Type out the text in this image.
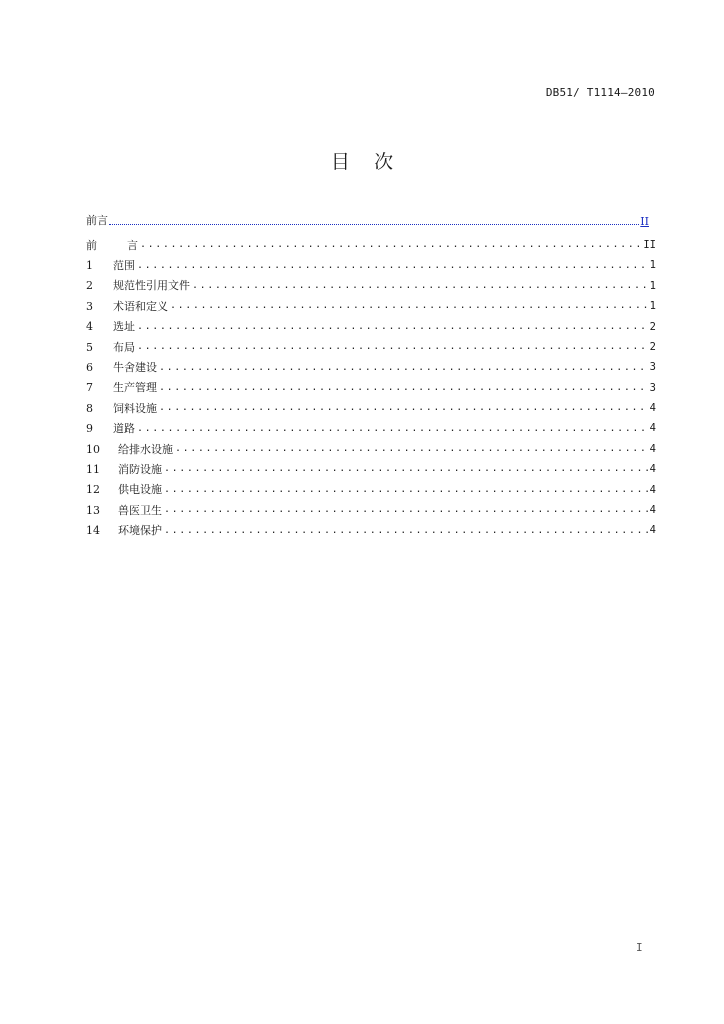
DB51/ T1114—2010
目    次
前言	II
前	言 .....	II
1	范围 .....	1
2	规范性引用文件 .....	1
3	术语和定义 .....	1
4	选址 .....	2
5	布局 .....	2
6	牛舍建设 .....	3
7	生产管理 .....	3
8	饲料设施 .....	4
9	道路 .....	4
10	给排水设施 .....	4
11	消防设施 .....	4
12	供电设施 .....	4
13	兽医卫生 .....	4
14	环境保护 .....	4
I
